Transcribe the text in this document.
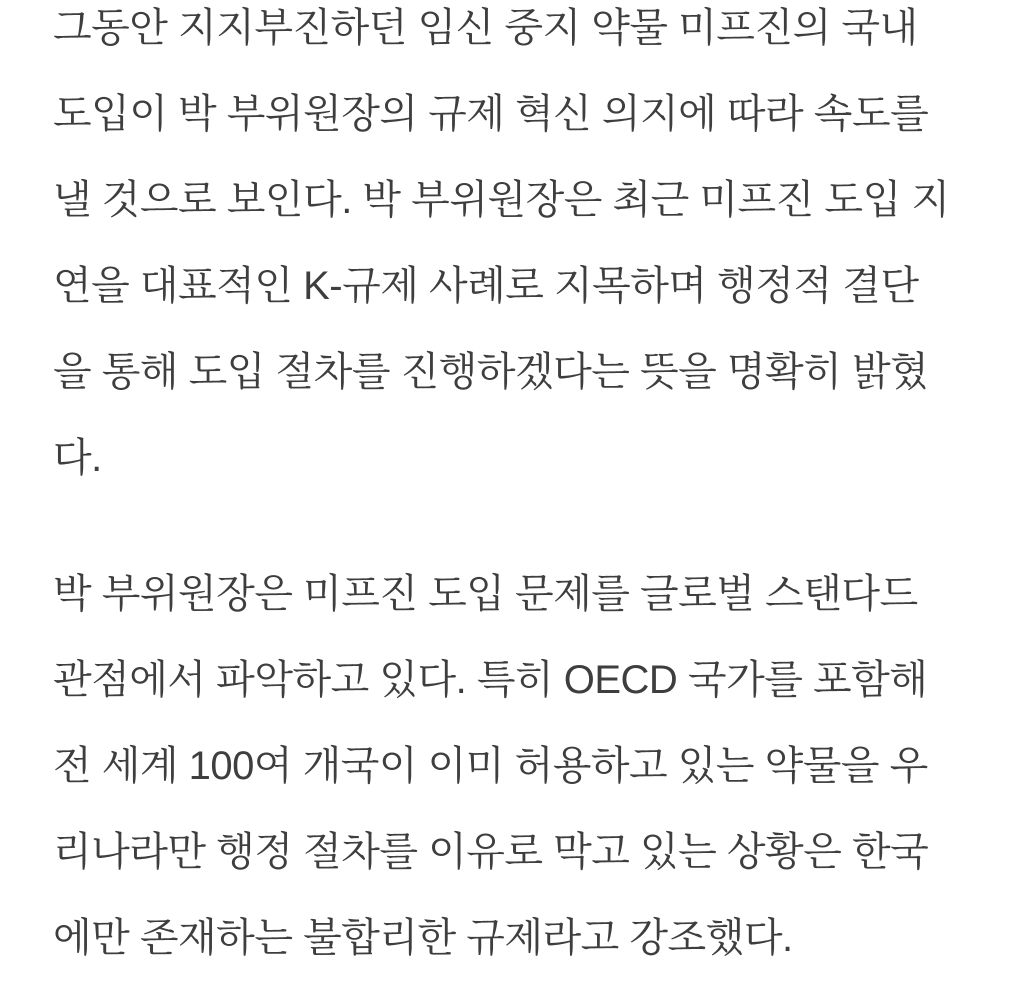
그동안 지지부진하던 임신 중지 약물 미프진의 국내
도입이 박 부위원장의 규제 혁신 의지에 따라 속도를
낼 것으로 보인다. 박 부위원장은 최근 미프진 도입 지
연을 대표적인 K-규제 사례로 지목하며 행정적 결단
을 통해 도입 절차를 진행하겠다는 뜻을 명확히 밝혔
다.

박 부위원장은 미프진 도입 문제를 글로벌 스탠다드
관점에서 파악하고 있다. 특히 OECD 국가를 포함해
전 세계 100여 개국이 이미 허용하고 있는 약물을 우
리나라만 행정 절차를 이유로 막고 있는 상황은 한국
에만 존재하는 불합리한 규제라고 강조했다.
